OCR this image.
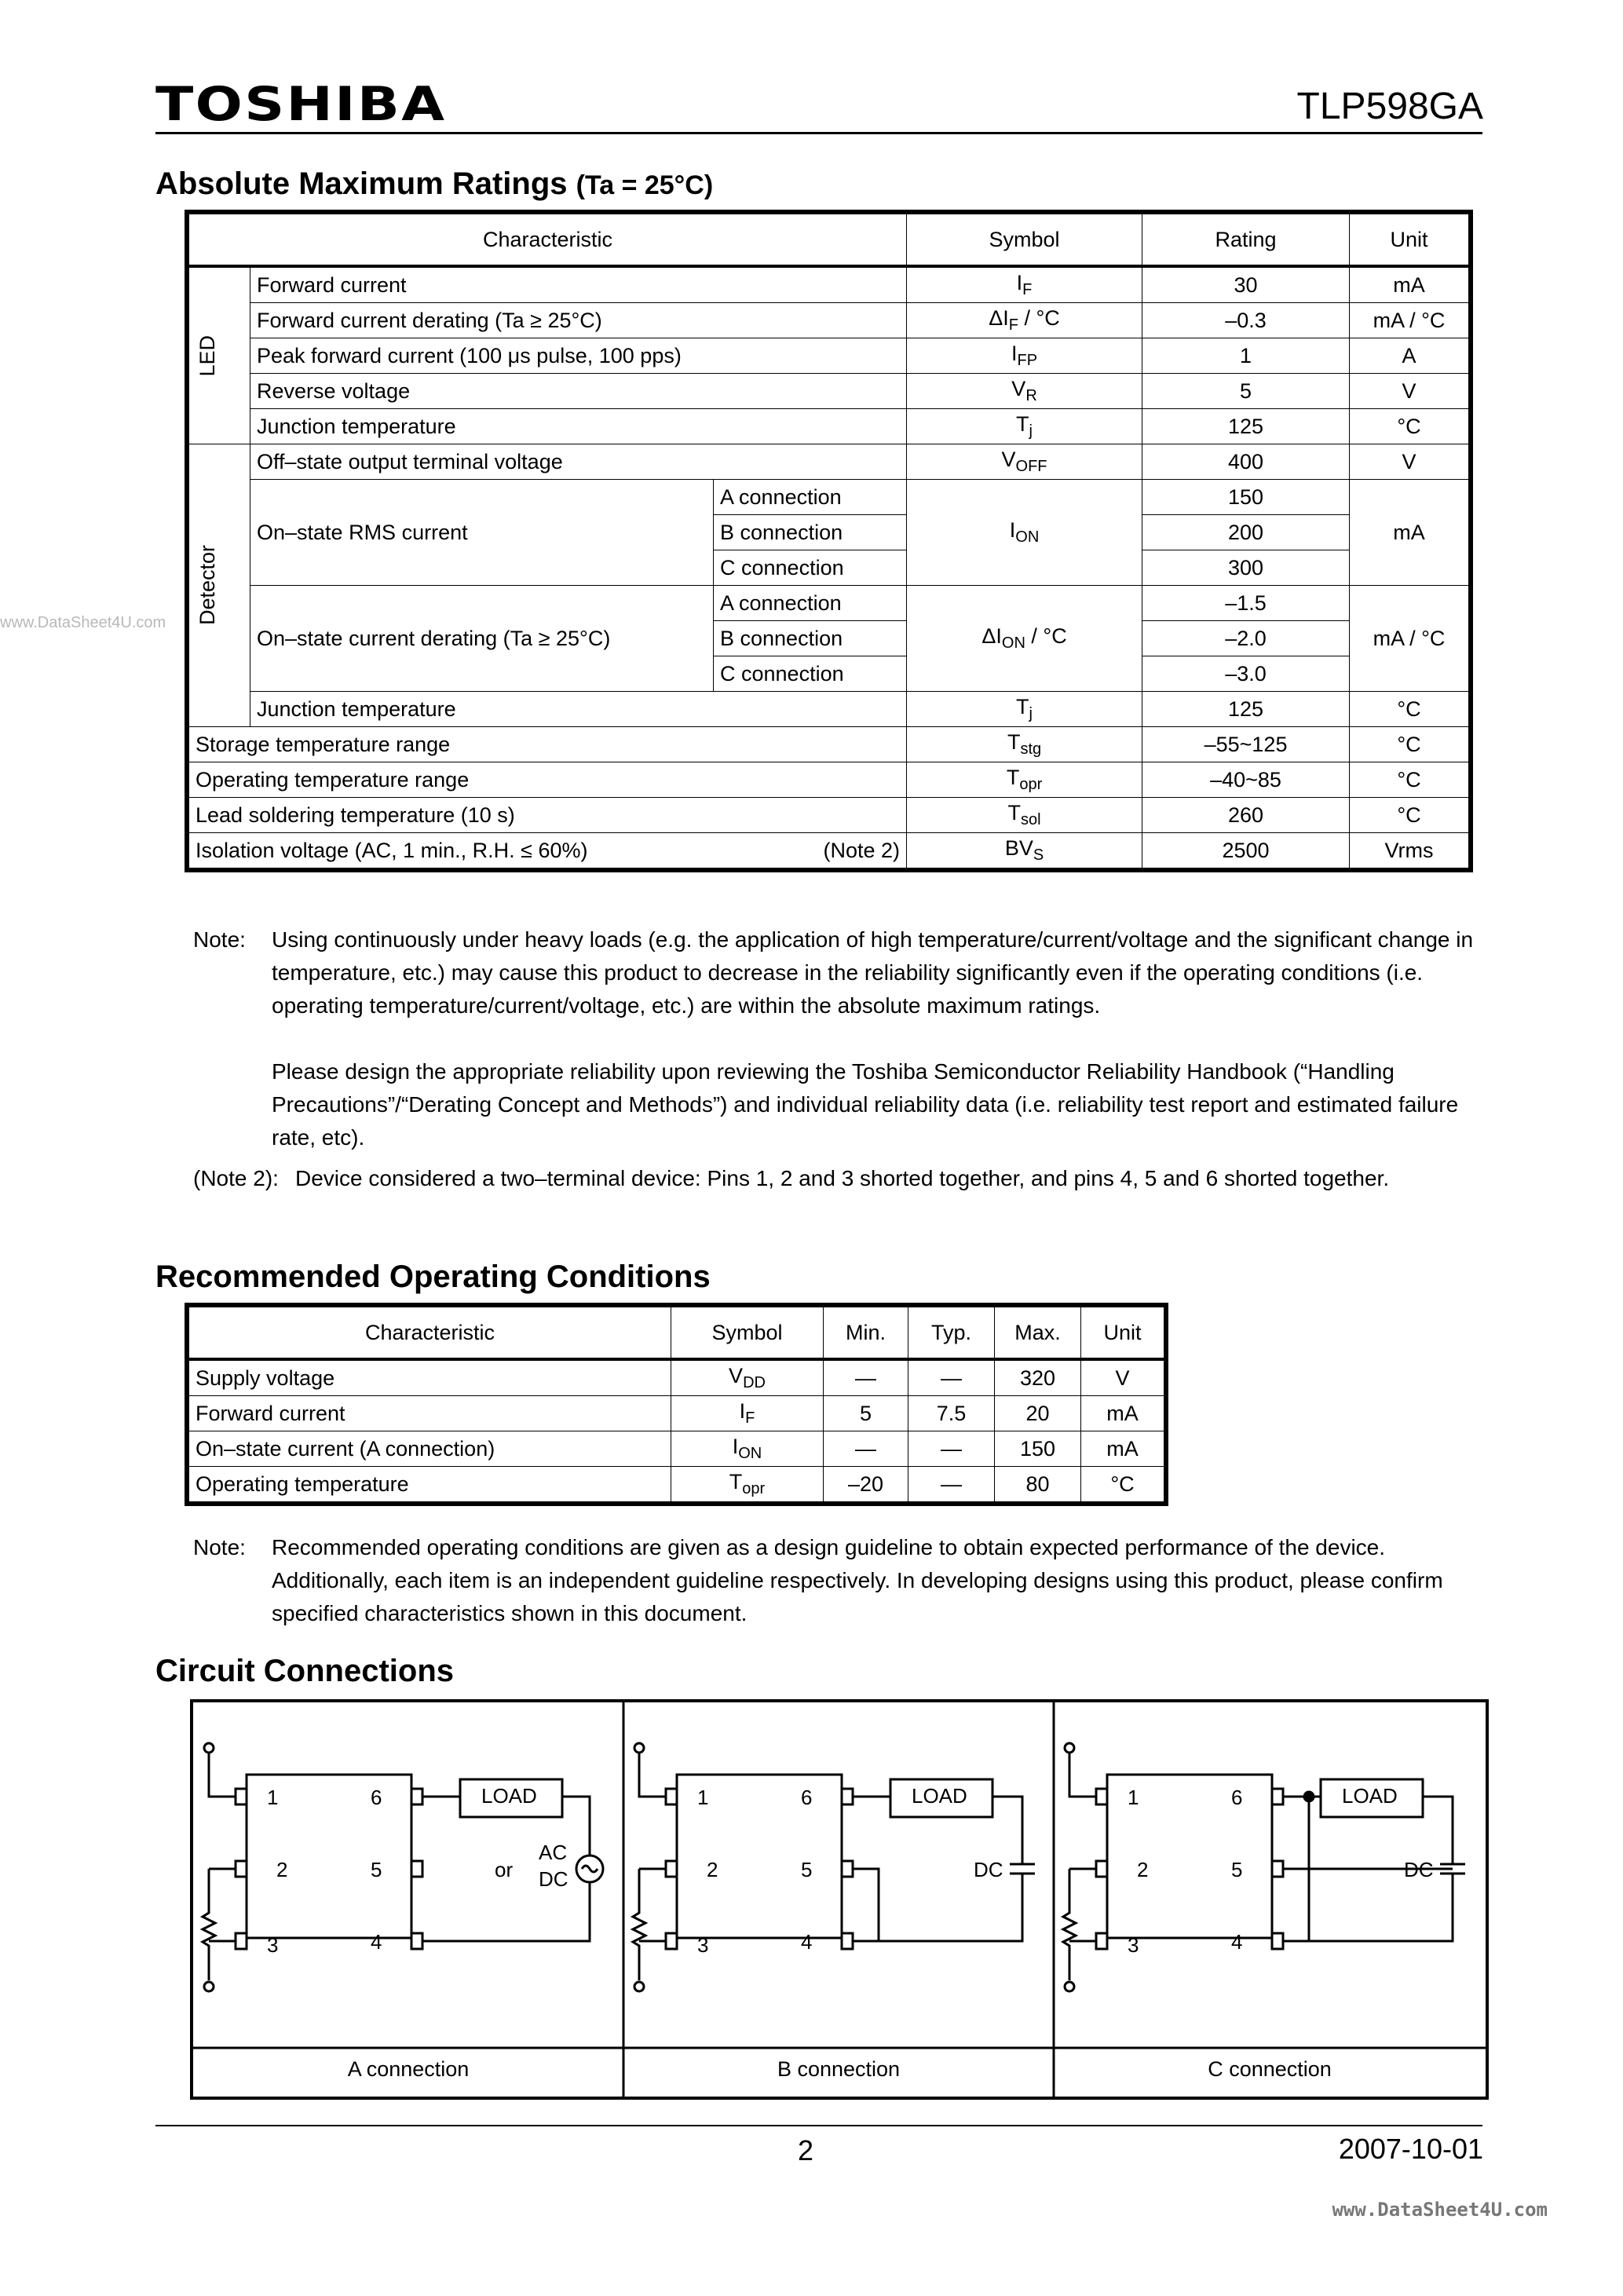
TOSHIBA	TLP598GA
www.DataSheet4U.com
Absolute Maximum Ratings (Ta = 25°C)
Characteristic			Symbol	Rating	Unit

LED	Forward current		$I_F$	30	mA
	Forward current derating (Ta ≥ 25°C)		$\Delta I_F / ^\circ C$	–0.3	mA / °C
	Peak forward current (100 μs pulse, 100 pps)		$I_{FP}$	1	A
	Reverse voltage		$V_R$	5	V
	Junction temperature		$T_j$	125	°C

Detector	Off–state output terminal voltage		$V_{OFF}$	400	V
	On–state RMS current	A connection	$I_{ON}$	150	mA
		B connection		200	
		C connection		300	
	On–state current derating (Ta ≥ 25°C)	A connection	$\Delta I_{ON} / ^\circ C$	–1.5	mA / °C
		B connection		–2.0	
		C connection		–3.0	
	Junction temperature		$T_j$	125	°C
Storage temperature range			$T_{stg}$	–55~125	°C
Operating temperature range			$T_{opr}$	–40~85	°C
Lead soldering temperature (10 s)			$T_{sol}$	260	°C
Isolation voltage (AC, 1 min., R.H. ≤ 60%) (Note 2)			$BV_S$	2500	Vrms
Note: Using continuously under heavy loads (e.g. the application of high temperature/current/voltage and the significant change in temperature, etc.) may cause this product to decrease in the reliability significantly even if the operating conditions (i.e. operating temperature/current/voltage, etc.) are within the absolute maximum ratings.
Please design the appropriate reliability upon reviewing the Toshiba Semiconductor Reliability Handbook (“Handling Precautions”/“Derating Concept and Methods”) and individual reliability data (i.e. reliability test report and estimated failure rate, etc).
(Note 2): Device considered a two–terminal device: Pins 1, 2 and 3 shorted together, and pins 4, 5 and 6 shorted together.
Recommended Operating Conditions
Characteristic	Symbol	Min.	Typ.	Max.	Unit
Supply voltage	$V_{DD}$	—	—	320	V
Forward current	$I_F$	5	7.5	20	mA
On–state current (A connection)	$I_{ON}$	—	—	150	mA
Operating temperature	$T_{opr}$	–20	—	80	°C
Note: Recommended operating conditions are given as a design guideline to obtain expected performance of the device. Additionally, each item is an independent guideline respectively. In developing designs using this product, please confirm specified characteristics shown in this document.
Circuit Connections
1	6
2	5
3	4
LOAD
AC
DC
or
1	6
2	5
3	4
LOAD
DC
1	6
2	5
3	4
LOAD
DC
A connection	B connection	C connection
2	2007-10-01
www.DataSheet4U.com
